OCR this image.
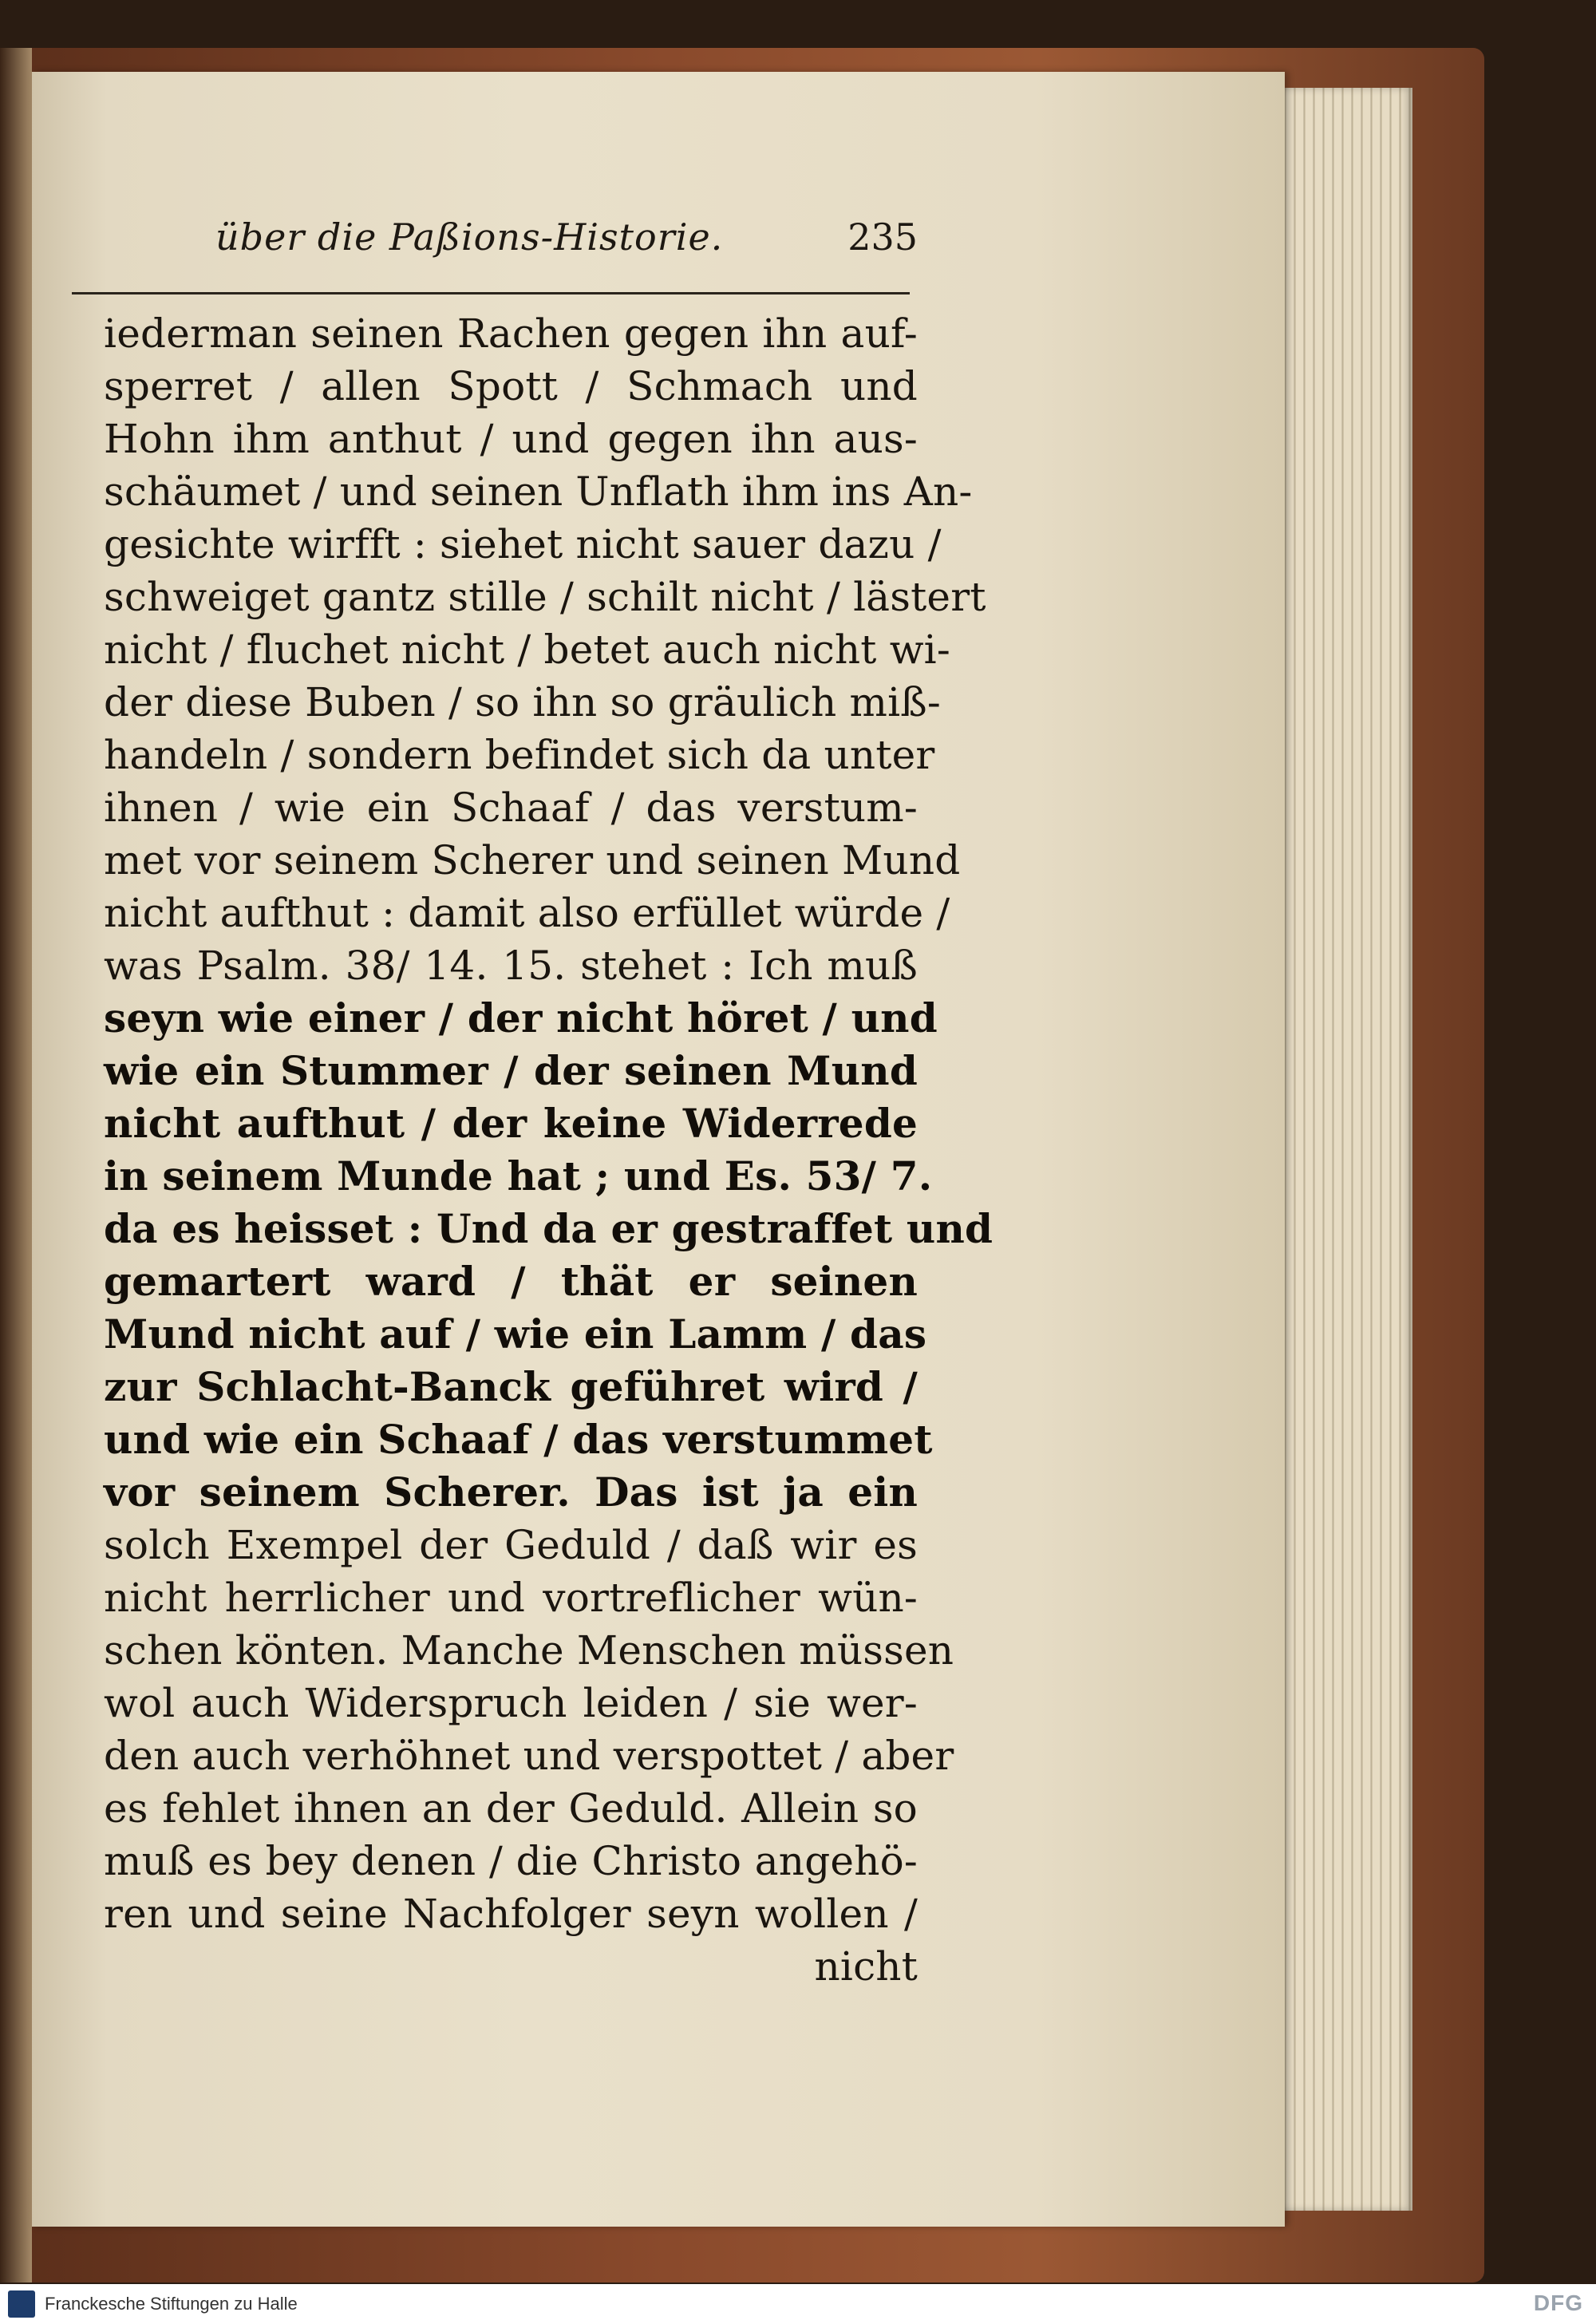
über die Paßions-Historie.	235
iederman seinen Rachen gegen ihn auf-
sperret / allen Spott / Schmach und
Hohn ihm anthut / und gegen ihn aus-
schäumet / und seinen Unflath ihm ins An-
gesichte wirfft : siehet nicht sauer dazu /
schweiget gantz stille / schilt nicht / lästert
nicht / fluchet nicht / betet auch nicht wi-
der diese Buben / so ihn so gräulich miß-
handeln / sondern befindet sich da unter
ihnen / wie ein Schaaf / das verstum-
met vor seinem Scherer und seinen Mund
nicht aufthut : damit also erfüllet würde /
was Psalm. 38/ 14. 15. stehet : Ich muß
seyn wie einer / der nicht höret / und
wie ein Stummer / der seinen Mund
nicht aufthut / der keine Widerrede
in seinem Munde hat ; und Es. 53/ 7.
da es heisset : Und da er gestraffet und
gemartert ward / thät er seinen
Mund nicht auf / wie ein Lamm / das
zur Schlacht-Banck geführet wird /
und wie ein Schaaf / das verstummet
vor seinem Scherer. Das ist ja ein
solch Exempel der Geduld / daß wir es
nicht herrlicher und vortreflicher wün-
schen könten. Manche Menschen müssen
wol auch Widerspruch leiden / sie wer-
den auch verhöhnet und verspottet / aber
es fehlet ihnen an der Geduld. Allein so
muß es bey denen / die Christo angehö-
ren und seine Nachfolger seyn wollen /
nicht
Franckesche Stiftungen zu Halle	DFG
